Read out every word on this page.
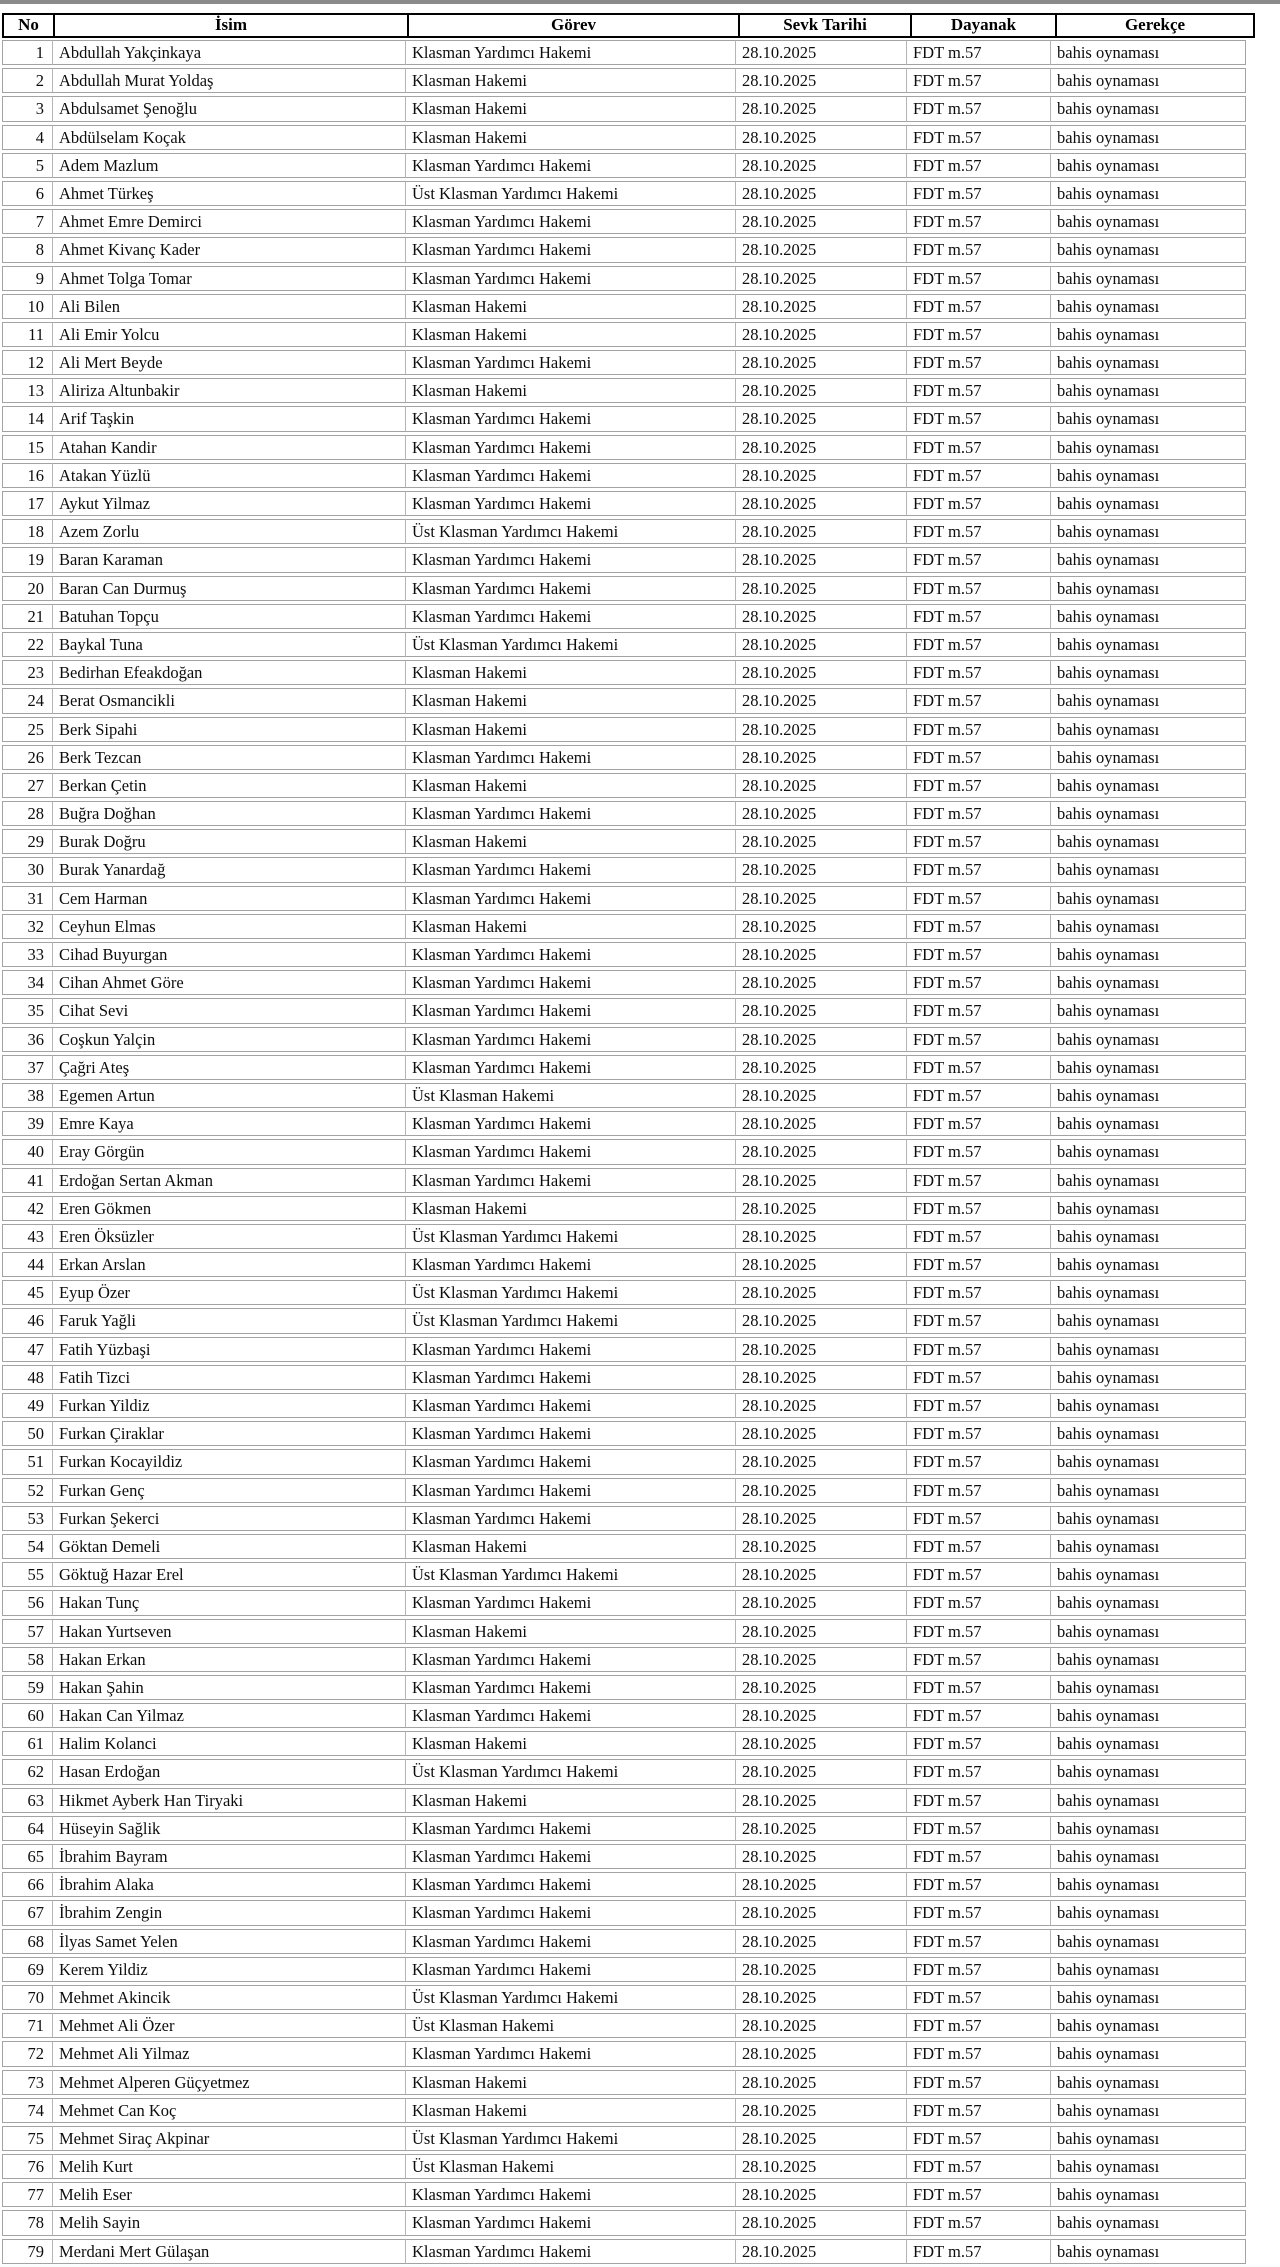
No	İsim	Görev	Sevk Tarihi	Dayanak	Gerekçe
1 Abdullah Yakçinkaya	Klasman Yardımcı Hakemi	28.10.2025	FDT m.57	bahis oynaması
2 Abdullah Murat Yoldaş	Klasman Hakemi	28.10.2025	FDT m.57	bahis oynaması
3 Abdulsamet Şenoğlu	Klasman Hakemi	28.10.2025	FDT m.57	bahis oynaması
4 Abdülselam Koçak	Klasman Hakemi	28.10.2025	FDT m.57	bahis oynaması
5 Adem Mazlum	Klasman Yardımcı Hakemi	28.10.2025	FDT m.57	bahis oynaması
6 Ahmet Türkeş	Üst Klasman Yardımcı Hakemi	28.10.2025	FDT m.57	bahis oynaması
7 Ahmet Emre Demirci	Klasman Yardımcı Hakemi	28.10.2025	FDT m.57	bahis oynaması
8 Ahmet Kivanç Kader	Klasman Yardımcı Hakemi	28.10.2025	FDT m.57	bahis oynaması
9 Ahmet Tolga Tomar	Klasman Yardımcı Hakemi	28.10.2025	FDT m.57	bahis oynaması
10 Ali Bilen	Klasman Hakemi	28.10.2025	FDT m.57	bahis oynaması
11 Ali Emir Yolcu	Klasman Hakemi	28.10.2025	FDT m.57	bahis oynaması
12 Ali Mert Beyde	Klasman Yardımcı Hakemi	28.10.2025	FDT m.57	bahis oynaması
13 Aliriza Altunbakir	Klasman Hakemi	28.10.2025	FDT m.57	bahis oynaması
14 Arif Taşkin	Klasman Yardımcı Hakemi	28.10.2025	FDT m.57	bahis oynaması
15 Atahan Kandir	Klasman Yardımcı Hakemi	28.10.2025	FDT m.57	bahis oynaması
16 Atakan Yüzlü	Klasman Yardımcı Hakemi	28.10.2025	FDT m.57	bahis oynaması
17 Aykut Yilmaz	Klasman Yardımcı Hakemi	28.10.2025	FDT m.57	bahis oynaması
18 Azem Zorlu	Üst Klasman Yardımcı Hakemi	28.10.2025	FDT m.57	bahis oynaması
19 Baran Karaman	Klasman Yardımcı Hakemi	28.10.2025	FDT m.57	bahis oynaması
20 Baran Can Durmuş	Klasman Yardımcı Hakemi	28.10.2025	FDT m.57	bahis oynaması
21 Batuhan Topçu	Klasman Yardımcı Hakemi	28.10.2025	FDT m.57	bahis oynaması
22 Baykal Tuna	Üst Klasman Yardımcı Hakemi	28.10.2025	FDT m.57	bahis oynaması
23 Bedirhan Efeakdoğan	Klasman Hakemi	28.10.2025	FDT m.57	bahis oynaması
24 Berat Osmancikli	Klasman Hakemi	28.10.2025	FDT m.57	bahis oynaması
25 Berk Sipahi	Klasman Hakemi	28.10.2025	FDT m.57	bahis oynaması
26 Berk Tezcan	Klasman Yardımcı Hakemi	28.10.2025	FDT m.57	bahis oynaması
27 Berkan Çetin	Klasman Hakemi	28.10.2025	FDT m.57	bahis oynaması
28 Buğra Doğhan	Klasman Yardımcı Hakemi	28.10.2025	FDT m.57	bahis oynaması
29 Burak Doğru	Klasman Hakemi	28.10.2025	FDT m.57	bahis oynaması
30 Burak Yanardağ	Klasman Yardımcı Hakemi	28.10.2025	FDT m.57	bahis oynaması
31 Cem Harman	Klasman Yardımcı Hakemi	28.10.2025	FDT m.57	bahis oynaması
32 Ceyhun Elmas	Klasman Hakemi	28.10.2025	FDT m.57	bahis oynaması
33 Cihad Buyurgan	Klasman Yardımcı Hakemi	28.10.2025	FDT m.57	bahis oynaması
34 Cihan Ahmet Göre	Klasman Yardımcı Hakemi	28.10.2025	FDT m.57	bahis oynaması
35 Cihat Sevi	Klasman Yardımcı Hakemi	28.10.2025	FDT m.57	bahis oynaması
36 Coşkun Yalçin	Klasman Yardımcı Hakemi	28.10.2025	FDT m.57	bahis oynaması
37 Çağri Ateş	Klasman Yardımcı Hakemi	28.10.2025	FDT m.57	bahis oynaması
38 Egemen Artun	Üst Klasman Hakemi	28.10.2025	FDT m.57	bahis oynaması
39 Emre Kaya	Klasman Yardımcı Hakemi	28.10.2025	FDT m.57	bahis oynaması
40 Eray Görgün	Klasman Yardımcı Hakemi	28.10.2025	FDT m.57	bahis oynaması
41 Erdoğan Sertan Akman	Klasman Yardımcı Hakemi	28.10.2025	FDT m.57	bahis oynaması
42 Eren Gökmen	Klasman Hakemi	28.10.2025	FDT m.57	bahis oynaması
43 Eren Öksüzler	Üst Klasman Yardımcı Hakemi	28.10.2025	FDT m.57	bahis oynaması
44 Erkan Arslan	Klasman Yardımcı Hakemi	28.10.2025	FDT m.57	bahis oynaması
45 Eyup Özer	Üst Klasman Yardımcı Hakemi	28.10.2025	FDT m.57	bahis oynaması
46 Faruk Yağli	Üst Klasman Yardımcı Hakemi	28.10.2025	FDT m.57	bahis oynaması
47 Fatih Yüzbaşi	Klasman Yardımcı Hakemi	28.10.2025	FDT m.57	bahis oynaması
48 Fatih Tizci	Klasman Yardımcı Hakemi	28.10.2025	FDT m.57	bahis oynaması
49 Furkan Yildiz	Klasman Yardımcı Hakemi	28.10.2025	FDT m.57	bahis oynaması
50 Furkan Çiraklar	Klasman Yardımcı Hakemi	28.10.2025	FDT m.57	bahis oynaması
51 Furkan Kocayildiz	Klasman Yardımcı Hakemi	28.10.2025	FDT m.57	bahis oynaması
52 Furkan Genç	Klasman Yardımcı Hakemi	28.10.2025	FDT m.57	bahis oynaması
53 Furkan Şekerci	Klasman Yardımcı Hakemi	28.10.2025	FDT m.57	bahis oynaması
54 Göktan Demeli	Klasman Hakemi	28.10.2025	FDT m.57	bahis oynaması
55 Göktuğ Hazar Erel	Üst Klasman Yardımcı Hakemi	28.10.2025	FDT m.57	bahis oynaması
56 Hakan Tunç	Klasman Yardımcı Hakemi	28.10.2025	FDT m.57	bahis oynaması
57 Hakan Yurtseven	Klasman Hakemi	28.10.2025	FDT m.57	bahis oynaması
58 Hakan Erkan	Klasman Yardımcı Hakemi	28.10.2025	FDT m.57	bahis oynaması
59 Hakan Şahin	Klasman Yardımcı Hakemi	28.10.2025	FDT m.57	bahis oynaması
60 Hakan Can Yilmaz	Klasman Yardımcı Hakemi	28.10.2025	FDT m.57	bahis oynaması
61 Halim Kolanci	Klasman Hakemi	28.10.2025	FDT m.57	bahis oynaması
62 Hasan Erdoğan	Üst Klasman Yardımcı Hakemi	28.10.2025	FDT m.57	bahis oynaması
63 Hikmet Ayberk Han Tiryaki	Klasman Hakemi	28.10.2025	FDT m.57	bahis oynaması
64 Hüseyin Sağlik	Klasman Yardımcı Hakemi	28.10.2025	FDT m.57	bahis oynaması
65 İbrahim Bayram	Klasman Yardımcı Hakemi	28.10.2025	FDT m.57	bahis oynaması
66 İbrahim Alaka	Klasman Yardımcı Hakemi	28.10.2025	FDT m.57	bahis oynaması
67 İbrahim Zengin	Klasman Yardımcı Hakemi	28.10.2025	FDT m.57	bahis oynaması
68 İlyas Samet Yelen	Klasman Yardımcı Hakemi	28.10.2025	FDT m.57	bahis oynaması
69 Kerem Yildiz	Klasman Yardımcı Hakemi	28.10.2025	FDT m.57	bahis oynaması
70 Mehmet Akincik	Üst Klasman Yardımcı Hakemi	28.10.2025	FDT m.57	bahis oynaması
71 Mehmet Ali Özer	Üst Klasman Hakemi	28.10.2025	FDT m.57	bahis oynaması
72 Mehmet Ali Yilmaz	Klasman Yardımcı Hakemi	28.10.2025	FDT m.57	bahis oynaması
73 Mehmet Alperen Güçyetmez	Klasman Hakemi	28.10.2025	FDT m.57	bahis oynaması
74 Mehmet Can Koç	Klasman Hakemi	28.10.2025	FDT m.57	bahis oynaması
75 Mehmet Siraç Akpinar	Üst Klasman Yardımcı Hakemi	28.10.2025	FDT m.57	bahis oynaması
76 Melih Kurt	Üst Klasman Hakemi	28.10.2025	FDT m.57	bahis oynaması
77 Melih Eser	Klasman Yardımcı Hakemi	28.10.2025	FDT m.57	bahis oynaması
78 Melih Sayin	Klasman Yardımcı Hakemi	28.10.2025	FDT m.57	bahis oynaması
79 Merdani Mert Gülaşan	Klasman Yardımcı Hakemi	28.10.2025	FDT m.57	bahis oynaması
